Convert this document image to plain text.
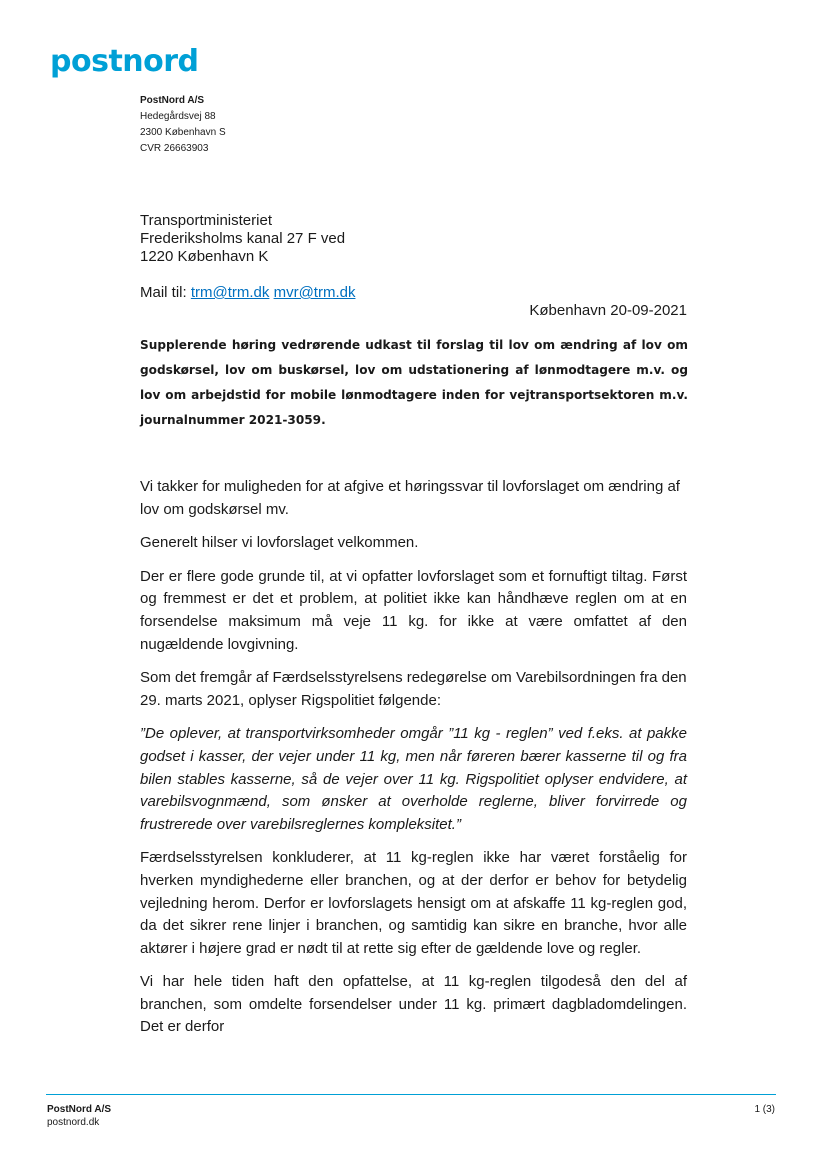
postnord
PostNord A/S
Hedegårdsvej 88
2300 København S
CVR 26663903
Transportministeriet
Frederiksholms kanal 27 F ved
1220 København K
Mail til: trm@trm.dk mvr@trm.dk
København 20-09-2021
Supplerende høring vedrørende udkast til forslag til lov om ændring af lov om godskørsel, lov om buskørsel, lov om udstationering af lønmodtagere m.v. og lov om arbejdstid for mobile lønmodtagere inden for vejtransportsektoren m.v. journalnummer 2021-3059.

Vi takker for muligheden for at afgive et høringssvar til lovforslaget om ændring af lov om godskørsel mv.

Generelt hilser vi lovforslaget velkommen.

Der er flere gode grunde til, at vi opfatter lovforslaget som et fornuftigt tiltag. Først og fremmest er det et problem, at politiet ikke kan håndhæve reglen om at en forsendelse maksimum må veje 11 kg. for ikke at være omfattet af den nugældende lovgivning.

Som det fremgår af Færdselsstyrelsens redegørelse om Varebilsordningen fra den 29. marts 2021, oplyser Rigspolitiet følgende:

”De oplever, at transportvirksomheder omgår ”11 kg - reglen” ved f.eks. at pakke godset i kasser, der vejer under 11 kg, men når føreren bærer kasserne til og fra bilen stables kasserne, så de vejer over 11 kg. Rigspolitiet oplyser endvidere, at varebilsvognmænd, som ønsker at overholde reglerne, bliver forvirrede og frustrerede over varebilsreglernes kompleksitet.”

Færdselsstyrelsen konkluderer, at 11 kg-reglen ikke har været forståelig for hverken myndighederne eller branchen, og at der derfor er behov for betydelig vejledning herom. Derfor er lovforslagets hensigt om at afskaffe 11 kg-reglen god, da det sikrer rene linjer i branchen, og samtidig kan sikre en branche, hvor alle aktører i højere grad er nødt til at rette sig efter de gældende love og regler.

Vi har hele tiden haft den opfattelse, at 11 kg-reglen tilgodeså den del af branchen, som omdelte forsendelser under 11 kg. primært dagbladomdelingen. Det er derfor

PostNord A/S
postnord.dk
1 (3)
